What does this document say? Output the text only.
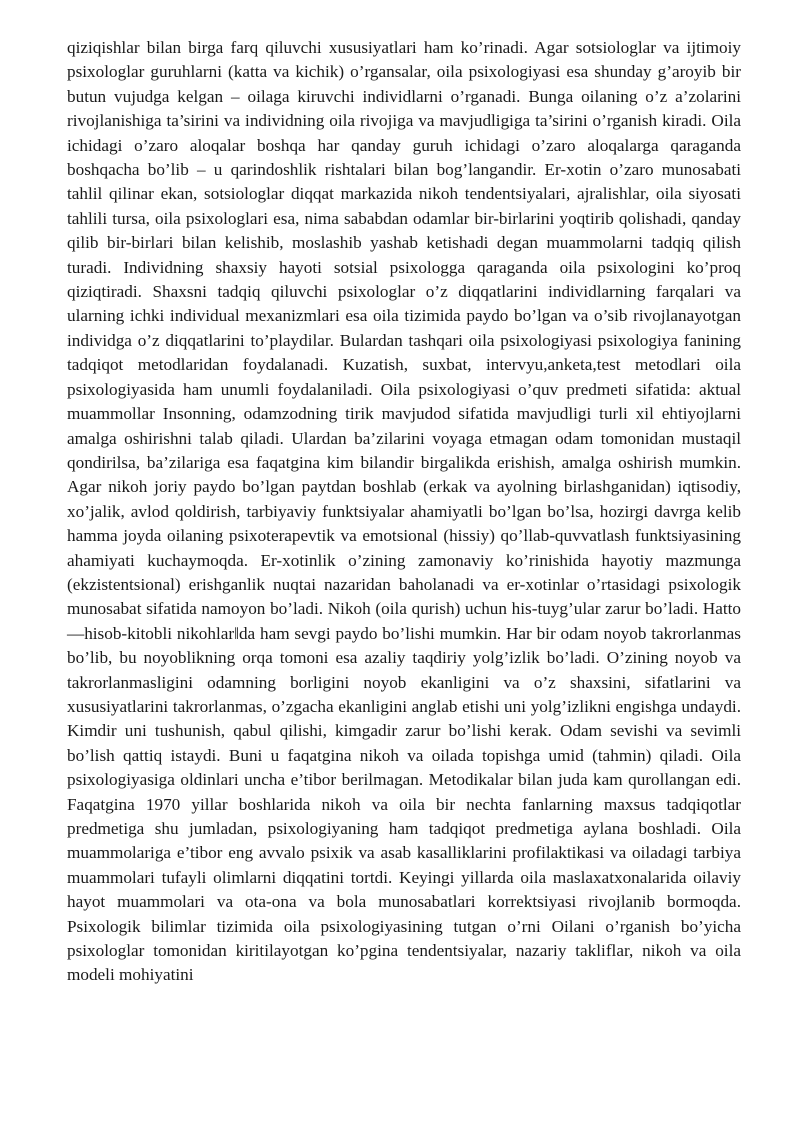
qiziqishlar bilan birga farq qiluvchi xususiyatlari ham ko’rinadi. Agar sotsiologlar va ijtimoiy psixologlar guruhlarni (katta va kichik) o’rgansalar, oila psixologiyasi esa shunday g’aroyib bir butun vujudga kelgan – oilaga kiruvchi individlarni o’rganadi. Bunga oilaning o’z a’zolarini rivojlanishiga ta’sirini va individning oila rivojiga va mavjudligiga ta’sirini o’rganish kiradi. Oila ichidagi o’zaro aloqalar boshqa har qanday guruh ichidagi o’zaro aloqalarga qaraganda boshqacha bo’lib – u qarindoshlik rishtalari bilan bog’langandir. Er-xotin o’zaro munosabati tahlil qilinar ekan, sotsiologlar diqqat markazida nikoh tendentsiyalari, ajralishlar, oila siyosati tahlili tursa, oila psixologlari esa, nima sababdan odamlar bir-birlarini yoqtirib qolishadi, qanday qilib bir-birlari bilan kelishib, moslashib yashab ketishadi degan muammolarni tadqiq qilish turadi. Individning shaxsiy hayoti sotsial psixologga qaraganda oila psixologini ko’proq qiziqtiradi. Shaxsni tadqiq qiluvchi psixologlar o’z diqqatlarini individlarning farqalari va ularning ichki individual mexanizmlari esa oila tizimida paydo bo’lgan va o’sib rivojlanayotgan individga o’z diqqatlarini to’playdilar. Bulardan tashqari oila psixologiyasi psixologiya fanining tadqiqot metodlaridan foydalanadi. Kuzatish, suxbat, intervyu,anketa,test metodlari oila psixologiyasida ham unumli foydalaniladi. Oila psixologiyasi o’quv predmeti sifatida: aktual muammollar Insonning, odamzodning tirik mavjudod sifatida mavjudligi turli xil ehtiyojlarni amalga oshirishni talab qiladi. Ulardan ba’zilarini voyaga etmagan odam tomonidan mustaqil qondirilsa, ba’zilariga esa faqatgina kim bilandir birgalikda erishish, amalga oshirish mumkin. Agar nikoh joriy paydo bo’lgan paytdan boshlab (erkak va ayolning birlashganidan) iqtisodiy, xo’jalik, avlod qoldirish, tarbiyaviy funktsiyalar ahamiyatli bo’lgan bo’lsa, hozirgi davrga kelib hamma joyda oilaning psixoterapevtik va emotsional (hissiy) qo’llab-quvvatlash funktsiyasining ahamiyati kuchaymoqda. Er-xotinlik o’zining zamonaviy ko’rinishida hayotiy mazmunga (ekzistentsional) erishganlik nuqtai nazaridan baholanadi va er-xotinlar o’rtasidagi psixologik munosabat sifatida namoyon bo’ladi. Nikoh (oila qurish) uchun his-tuyg’ular zarur bo’ladi. Hatto ―hisob-kitobli nikohlar‖da ham sevgi paydo bo’lishi mumkin. Har bir odam noyob takrorlanmas bo’lib, bu noyoblikning orqa tomoni esa azaliy taqdiriy yolg’izlik bo’ladi. O’zining noyob va takrorlanmasligini odamning borligini noyob ekanligini va o’z shaxsini, sifatlarini va xususiyatlarini takrorlanmas, o’zgacha ekanligini anglab etishi uni yolg’izlikni engishga undaydi. Kimdir uni tushunish, qabul qilishi, kimgadir zarur bo’lishi kerak. Odam sevishi va sevimli bo’lish qattiq istaydi. Buni u faqatgina nikoh va oilada topishga umid (tahmin) qiladi. Oila psixologiyasiga oldinlari uncha e’tibor berilmagan. Metodikalar bilan juda kam qurollangan edi. Faqatgina 1970 yillar boshlarida nikoh va oila bir nechta fanlarning maxsus tadqiqotlar predmetiga shu jumladan, psixologiyaning ham tadqiqot predmetiga aylana boshladi. Oila muammolariga e’tibor eng avvalo psixik va asab kasalliklarini profilaktikasi va oiladagi tarbiya muammolari tufayli olimlarni diqqatini tortdi. Keyingi yillarda oila maslaxatxonalarida oilaviy hayot muammolari va ota-ona va bola munosabatlari korrektsiyasi rivojlanib bormoqda. Psixologik bilimlar tizimida oila psixologiyasining tutgan o’rni Oilani o’rganish bo’yicha psixologlar tomonidan kiritilayotgan ko’pgina tendentsiyalar, nazariy takliflar, nikoh va oila modeli mohiyatini
